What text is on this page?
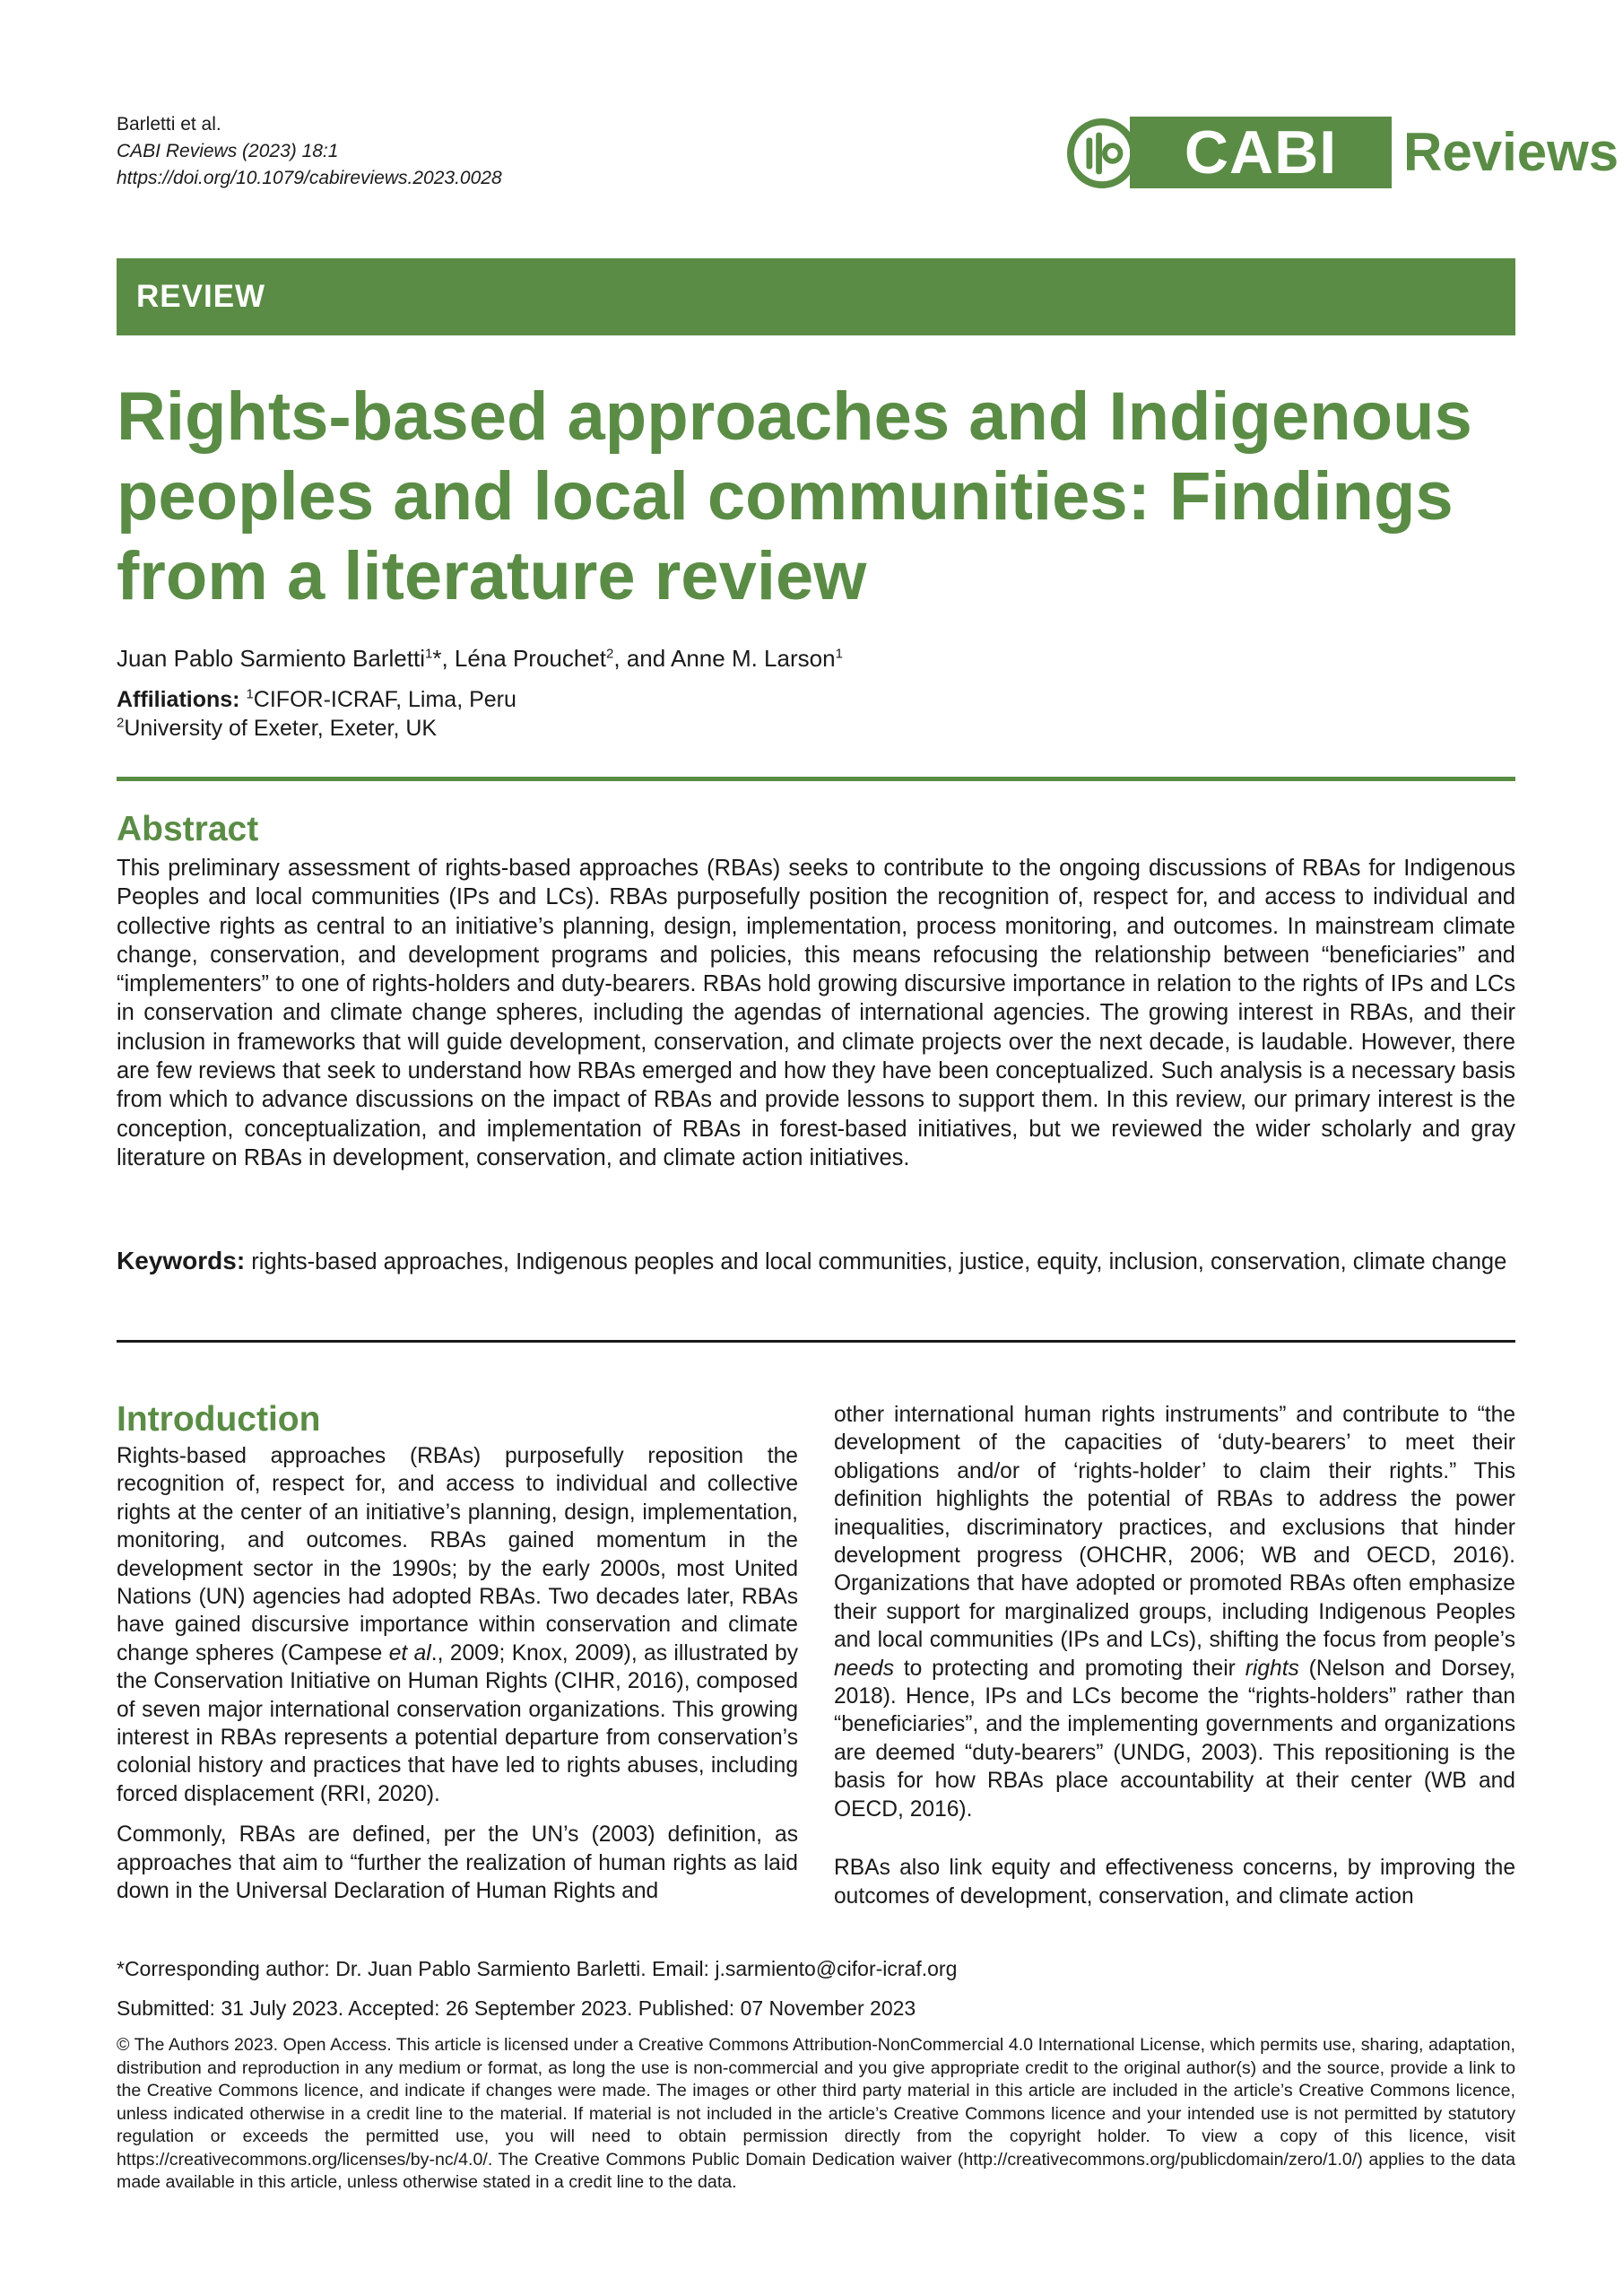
Barletti et al.
CABI Reviews (2023) 18:1
https://doi.org/10.1079/cabireviews.2023.0028	CABI	Reviews
REVIEW
Rights-based approaches and Indigenous peoples and local communities: Findings from a literature review
Juan Pablo Sarmiento Barletti$^1$*, Léna Prouchet$^2$, and Anne M. Larson$^1$
Affiliations: $^1$CIFOR-ICRAF, Lima, Peru
$^2$University of Exeter, Exeter, UK
Abstract

This preliminary assessment of rights-based approaches (RBAs) seeks to contribute to the ongoing discussions of RBAs for Indigenous Peoples and local communities (IPs and LCs). RBAs purposefully position the recognition of, respect for, and access to individual and collective rights as central to an initiative’s planning, design, implementation, process monitoring, and outcomes. In mainstream climate change, conservation, and development programs and policies, this means refocusing the relationship between “beneficiaries” and “implementers” to one of rights-holders and duty-bearers. RBAs hold growing discursive importance in relation to the rights of IPs and LCs in conservation and climate change spheres, including the agendas of international agencies. The growing interest in RBAs, and their inclusion in frameworks that will guide development, conservation, and climate projects over the next decade, is laudable. However, there are few reviews that seek to understand how RBAs emerged and how they have been conceptualized. Such analysis is a necessary basis from which to advance discussions on the impact of RBAs and provide lessons to support them. In this review, our primary interest is the conception, conceptualization, and implementation of RBAs in forest-based initiatives, but we reviewed the wider scholarly and gray literature on RBAs in development, conservation, and climate action initiatives.

Keywords: rights-based approaches, Indigenous peoples and local communities, justice, equity, inclusion, conservation, climate change
Introduction

Rights-based approaches (RBAs) purposefully reposition the recognition of, respect for, and access to individual and collective rights at the center of an initiative’s planning, design, implementation, monitoring, and outcomes. RBAs gained momentum in the development sector in the 1990s; by the early 2000s, most United Nations (UN) agencies had adopted RBAs. Two decades later, RBAs have gained discursive importance within conservation and climate change spheres (Campese et al., 2009; Knox, 2009), as illustrated by the Conservation Initiative on Human Rights (CIHR, 2016), composed of seven major international conservation organizations. This growing interest in RBAs represents a potential departure from conservation’s colonial history and practices that have led to rights abuses, including forced displacement (RRI, 2020).

Commonly, RBAs are defined, per the UN’s (2003) definition, as approaches that aim to “further the realization of human rights as laid down in the Universal Declaration of Human Rights and

other international human rights instruments” and contribute to “the development of the capacities of ‘duty-bearers’ to meet their obligations and/or of ‘rights-holder’ to claim their rights.” This definition highlights the potential of RBAs to address the power inequalities, discriminatory practices, and exclusions that hinder development progress (OHCHR, 2006; WB and OECD, 2016). Organizations that have adopted or promoted RBAs often emphasize their support for marginalized groups, including Indigenous Peoples and local communities (IPs and LCs), shifting the focus from people’s needs to protecting and promoting their rights (Nelson and Dorsey, 2018). Hence, IPs and LCs become the “rights-holders” rather than “beneficiaries”, and the implementing governments and organizations are deemed “duty-bearers” (UNDG, 2003). This repositioning is the basis for how RBAs place accountability at their center (WB and OECD, 2016).

RBAs also link equity and effectiveness concerns, by improving the outcomes of development, conservation, and climate action

*Corresponding author: Dr. Juan Pablo Sarmiento Barletti. Email: j.sarmiento@cifor-icraf.org

Submitted: 31 July 2023. Accepted: 26 September 2023. Published: 07 November 2023

© The Authors 2023. Open Access. This article is licensed under a Creative Commons Attribution-NonCommercial 4.0 International License, which permits use, sharing, adaptation, distribution and reproduction in any medium or format, as long the use is non-commercial and you give appropriate credit to the original author(s) and the source, provide a link to the Creative Commons licence, and indicate if changes were made. The images or other third party material in this article are included in the article’s Creative Commons licence, unless indicated otherwise in a credit line to the material. If material is not included in the article’s Creative Commons licence and your intended use is not permitted by statutory regulation or exceeds the permitted use, you will need to obtain permission directly from the copyright holder. To view a copy of this licence, visit https://creativecommons.org/licenses/by-nc/4.0/. The Creative Commons Public Domain Dedication waiver (http://creativecommons.org/publicdomain/zero/1.0/) applies to the data made available in this article, unless otherwise stated in a credit line to the data.
